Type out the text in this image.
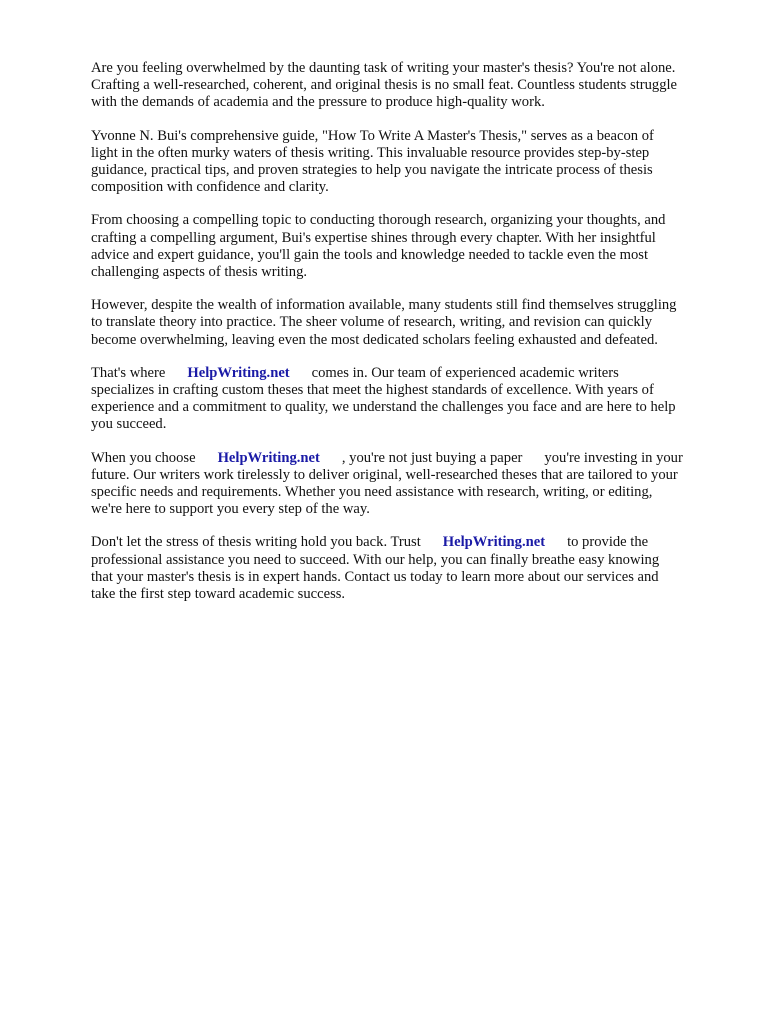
Are you feeling overwhelmed by the daunting task of writing your master's thesis? You're not alone.
Crafting a well-researched, coherent, and original thesis is no small feat. Countless students struggle
with the demands of academia and the pressure to produce high-quality work.

Yvonne N. Bui's comprehensive guide, "How To Write A Master's Thesis," serves as a beacon of
light in the often murky waters of thesis writing. This invaluable resource provides step-by-step
guidance, practical tips, and proven strategies to help you navigate the intricate process of thesis
composition with confidence and clarity.

From choosing a compelling topic to conducting thorough research, organizing your thoughts, and
crafting a compelling argument, Bui's expertise shines through every chapter. With her insightful
advice and expert guidance, you'll gain the tools and knowledge needed to tackle even the most
challenging aspects of thesis writing.

However, despite the wealth of information available, many students still find themselves struggling
to translate theory into practice. The sheer volume of research, writing, and revision can quickly
become overwhelming, leaving even the most dedicated scholars feeling exhausted and defeated.

That's where HelpWriting.net comes in. Our team of experienced academic writers
specializes in crafting custom theses that meet the highest standards of excellence. With years of
experience and a commitment to quality, we understand the challenges you face and are here to help
you succeed.

When you choose HelpWriting.net , you're not just buying a paper you're investing in your
future. Our writers work tirelessly to deliver original, well-researched theses that are tailored to your
specific needs and requirements. Whether you need assistance with research, writing, or editing,
we're here to support you every step of the way.

Don't let the stress of thesis writing hold you back. Trust HelpWriting.net to provide the
professional assistance you need to succeed. With our help, you can finally breathe easy knowing
that your master's thesis is in expert hands. Contact us today to learn more about our services and
take the first step toward academic success.
